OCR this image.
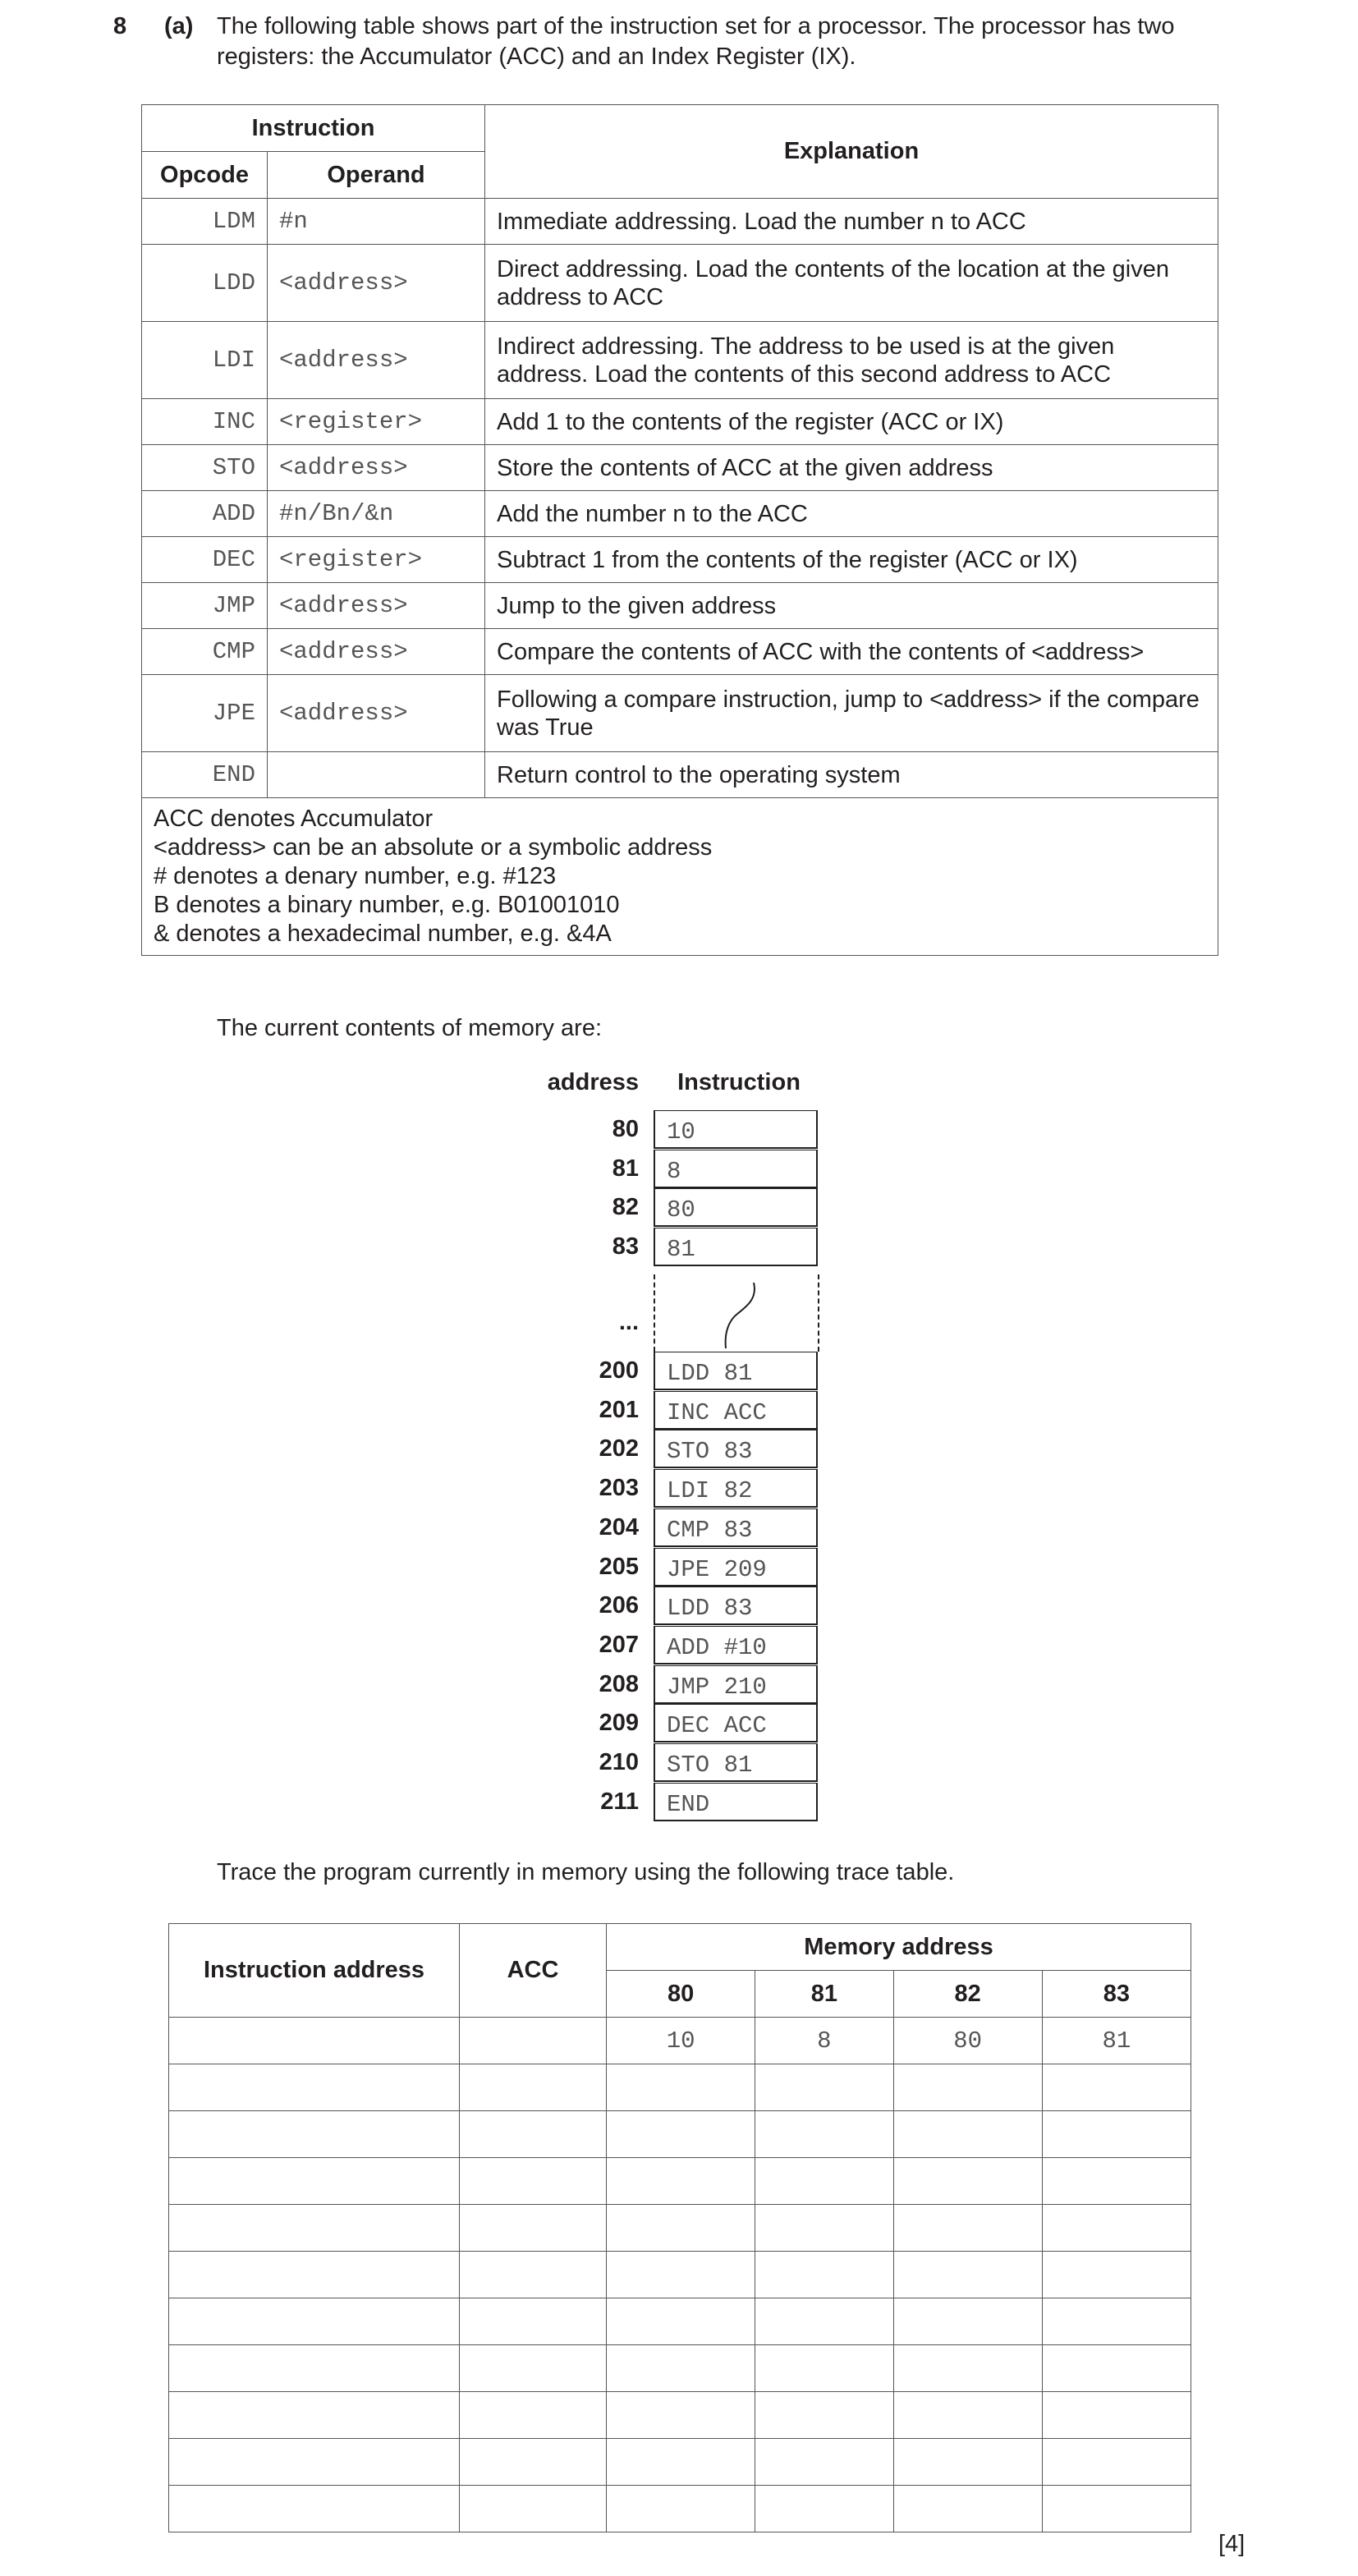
8 (a) The following table shows part of the instruction set for a processor. The processor has two registers: the Accumulator (ACC) and an Index Register (IX).
Instruction		Explanation
Opcode	Operand	
LDM	#n	Immediate addressing. Load the number n to ACC
LDD	<address>	Direct addressing. Load the contents of the location at the given address to ACC
LDI	<address>	Indirect addressing. The address to be used is at the given address. Load the contents of this second address to ACC
INC	<register>	Add 1 to the contents of the register (ACC or IX)
STO	<address>	Store the contents of ACC at the given address
ADD	#n/Bn/&n	Add the number n to the ACC
DEC	<register>	Subtract 1 from the contents of the register (ACC or IX)
JMP	<address>	Jump to the given address
CMP	<address>	Compare the contents of ACC with the contents of <address>
JPE	<address>	Following a compare instruction, jump to <address> if the compare was True
END		Return control to the operating system

ACC denotes Accumulator
<address> can be an absolute or a symbolic address
# denotes a denary number, e.g. #123
B denotes a binary number, e.g. B01001010
& denotes a hexadecimal number, e.g. &4A		
The current contents of memory are:
address	Instruction
80 10
81 8
82 80
83 81
200 LDD 81
201 INC ACC
202 STO 83
203 LDI 82
204 CMP 83
205 JPE 209
206 LDD 83
207 ADD #10
208 JMP 210
209 DEC ACC
210 STO 81
211 END
...
Trace the program currently in memory using the following trace table.
Instruction address	ACC	Memory address			
		80	81	82	83
		10	8	80	81

[4]
